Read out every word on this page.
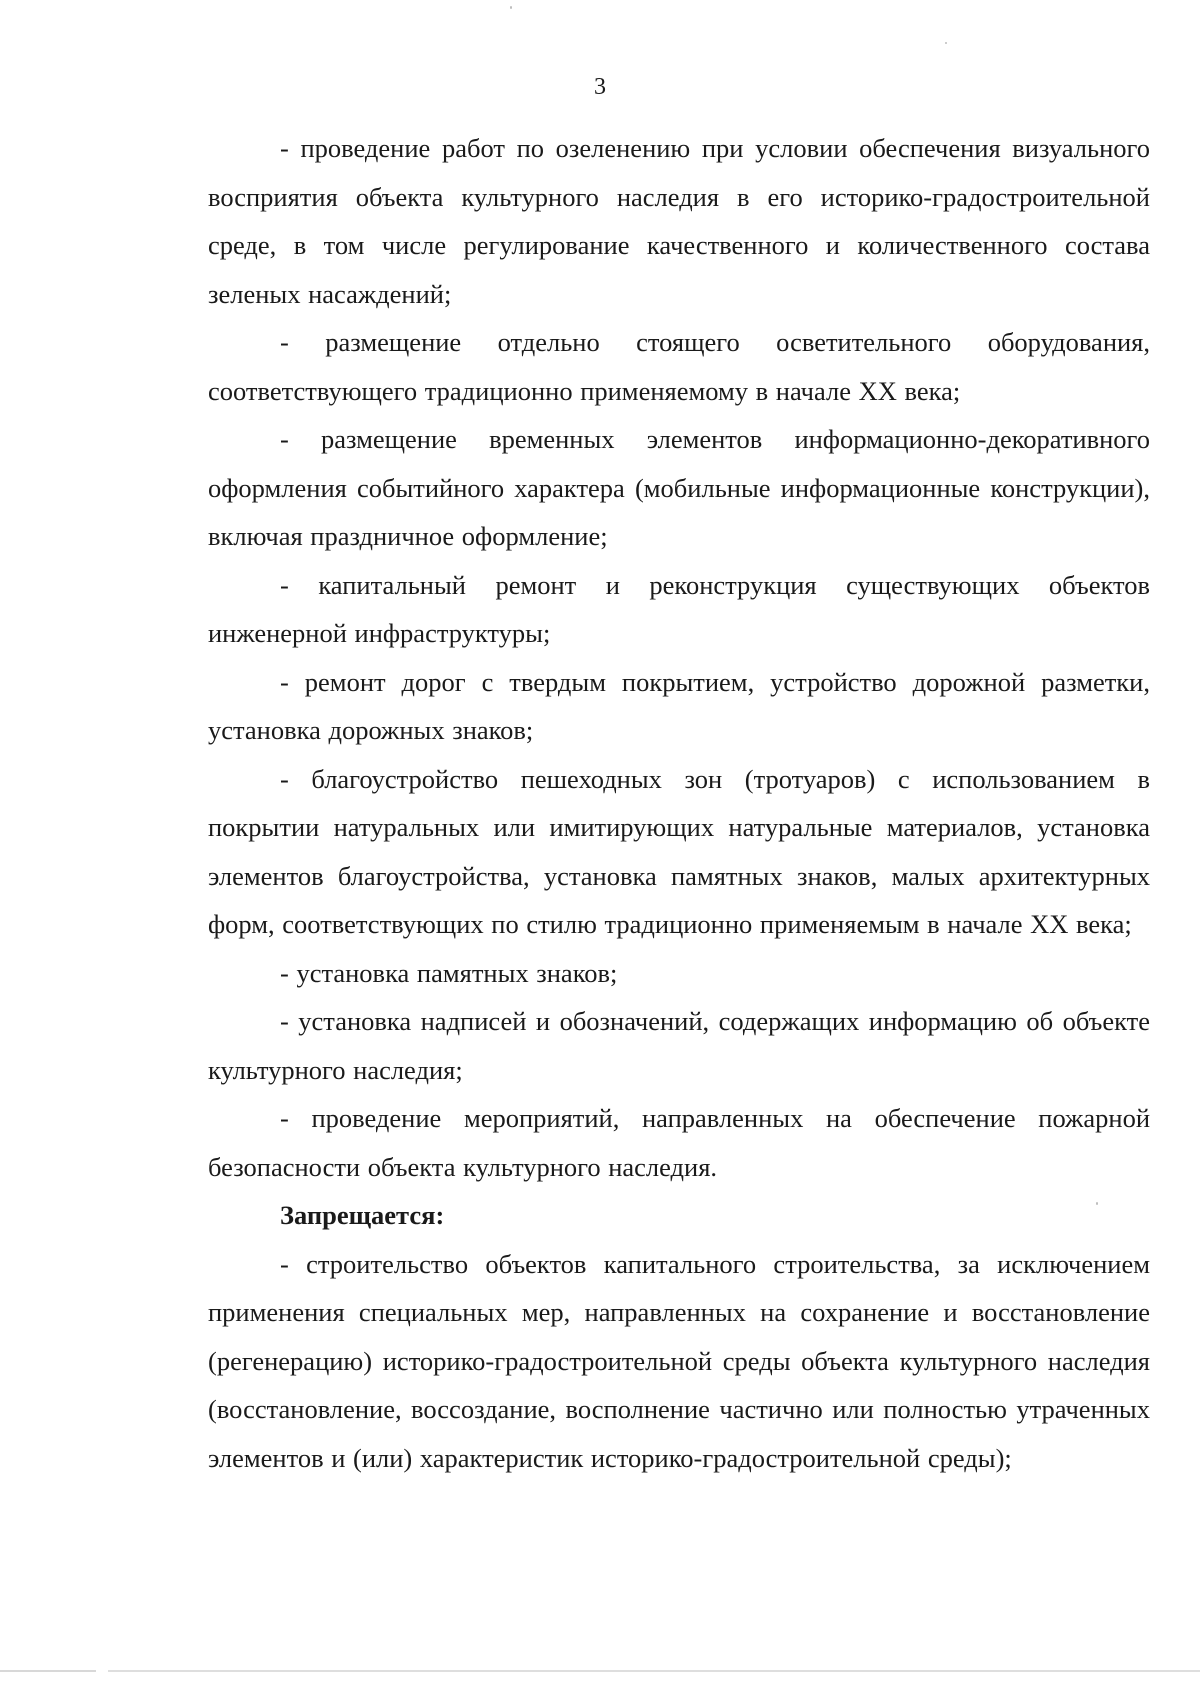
3

- проведение работ по озеленению при условии обеспечения визуального восприятия объекта культурного наследия в его историко-градостроительной среде, в том числе регулирование качественного и количественного состава зеленых насаждений;

- размещение отдельно стоящего осветительного оборудования, соответствующего традиционно применяемому в начале XX века;

- размещение временных элементов информационно-декоративного оформления событийного характера (мобильные информационные конструкции), включая праздничное оформление;

- капитальный ремонт и реконструкция существующих объектов инженерной инфраструктуры;

- ремонт дорог с твердым покрытием, устройство дорожной разметки, установка дорожных знаков;

- благоустройство пешеходных зон (тротуаров) с использованием в покрытии натуральных или имитирующих натуральные материалов, установка элементов благоустройства, установка памятных знаков, малых архитектурных форм, соответствующих по стилю традиционно применяемым в начале XX века;

- установка памятных знаков;

- установка надписей и обозначений, содержащих информацию об объекте культурного наследия;

- проведение мероприятий, направленных на обеспечение пожарной безопасности объекта культурного наследия.

Запрещается:

- строительство объектов капитального строительства, за исключением применения специальных мер, направленных на сохранение и восстановление (регенерацию) историко-градостроительной среды объекта культурного наследия (восстановление, воссоздание, восполнение частично или полностью утраченных элементов и (или) характеристик историко-градостроительной среды);
